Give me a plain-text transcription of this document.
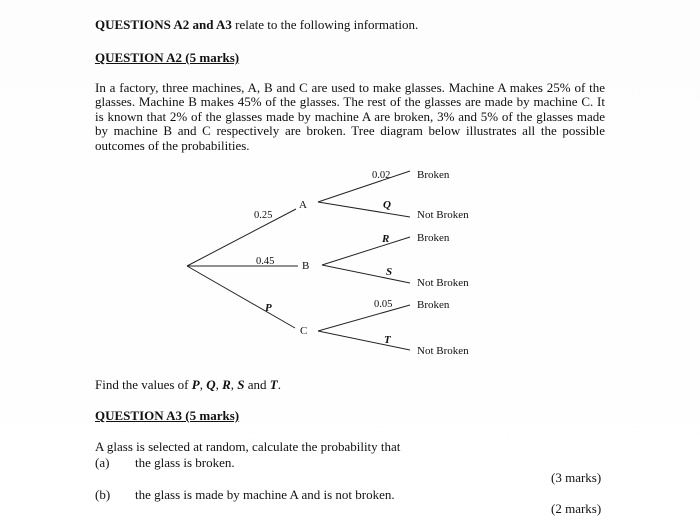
QUESTIONS A2 and A3 relate to the following information.
QUESTION A2 (5 marks)
In a factory, three machines, A, B and C are used to make glasses. Machine A makes 25% of the glasses. Machine B makes 45% of the glasses. The rest of the glasses are made by machine C. It is known that 2% of the glasses made by machine A are broken, 3% and 5% of the glasses made by machine B and C respectively are broken. Tree diagram below illustrates all the possible outcomes of the probabilities.
0.25
0.45
P
A
B
C
0.02
Q
R
S
0.05
T
Broken
Not Broken
Broken
Not Broken
Broken
Not Broken
Find the values of P, Q, R, S and T.
QUESTION A3 (5 marks)
A glass is selected at random, calculate the probability that
(a) the glass is broken.
(3 marks)
(b) the glass is made by machine A and is not broken.
(2 marks)
